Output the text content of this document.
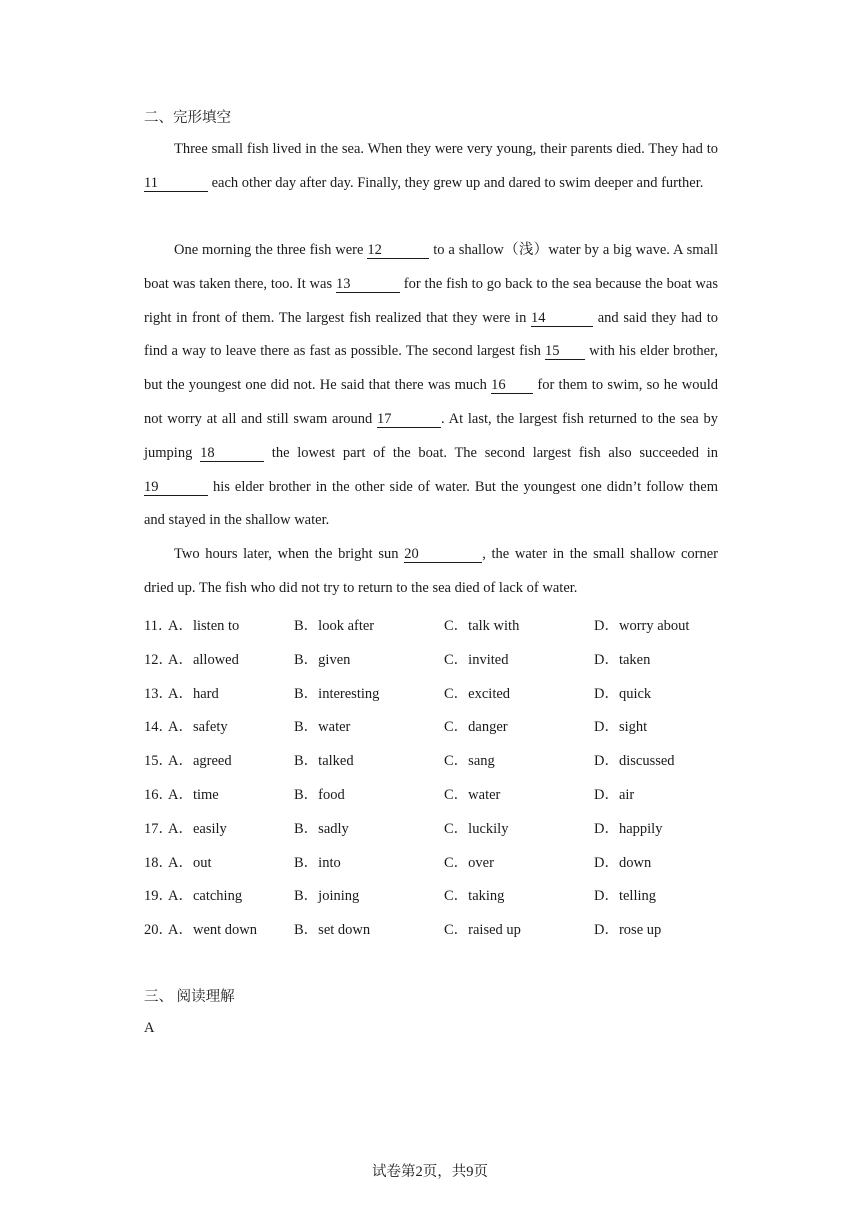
二、完形填空
Three small fish lived in the sea. When they were very young, their parents died. They had to11	each other day after day. Finally, they grew up and dared to swim deeper and further.
One morning the three fish were 12	to a shallow（浅）water by a big wave. A small boat was taken there, too. It was 13	for the fish to go back to the sea because the boat was right in front of them. The largest fish realized that they were in 14	and said they had to find a way to leave there as fast as possible. The second largest fish 15 with his elder brother, but the youngest one did not. He said that there was much 16 for them to swim, so he would not worry at all and still swam around 17	. At last, the largest fish returned to the sea by jumping 18	the lowest part of the boat. The second largest fish also succeeded in 19	his elder brother in the other side of water. But the youngest one didn’t follow them and stayed in the shallow water.
Two hours later, when the bright sun 20	, the water in the small shallow corner dried up. The fish who did not try to return to the sea died of lack of water.
11．
A．listen to	B．look after	C．talk with	D．worry about
12．
A．allowed	B．given	C．invited	D．taken
13．
A．hard	B．interesting	C．excited	D．quick
14．
A．safety	B．water	C．danger	D．sight
15．
A．agreed	B．talked	C．sang	D．discussed
16．
A．time	B．food	C．water	D．air
17．
A．easily	B．sadly	C．luckily	D．happily
18．
A．out	B．into	C．over	D．down
19．
A．catching	B．joining	C．taking	D．telling
20．
A．went down	B．set down	C．raised up	D．rose up
三、 阅读理解
A
试卷第2页，共9页
